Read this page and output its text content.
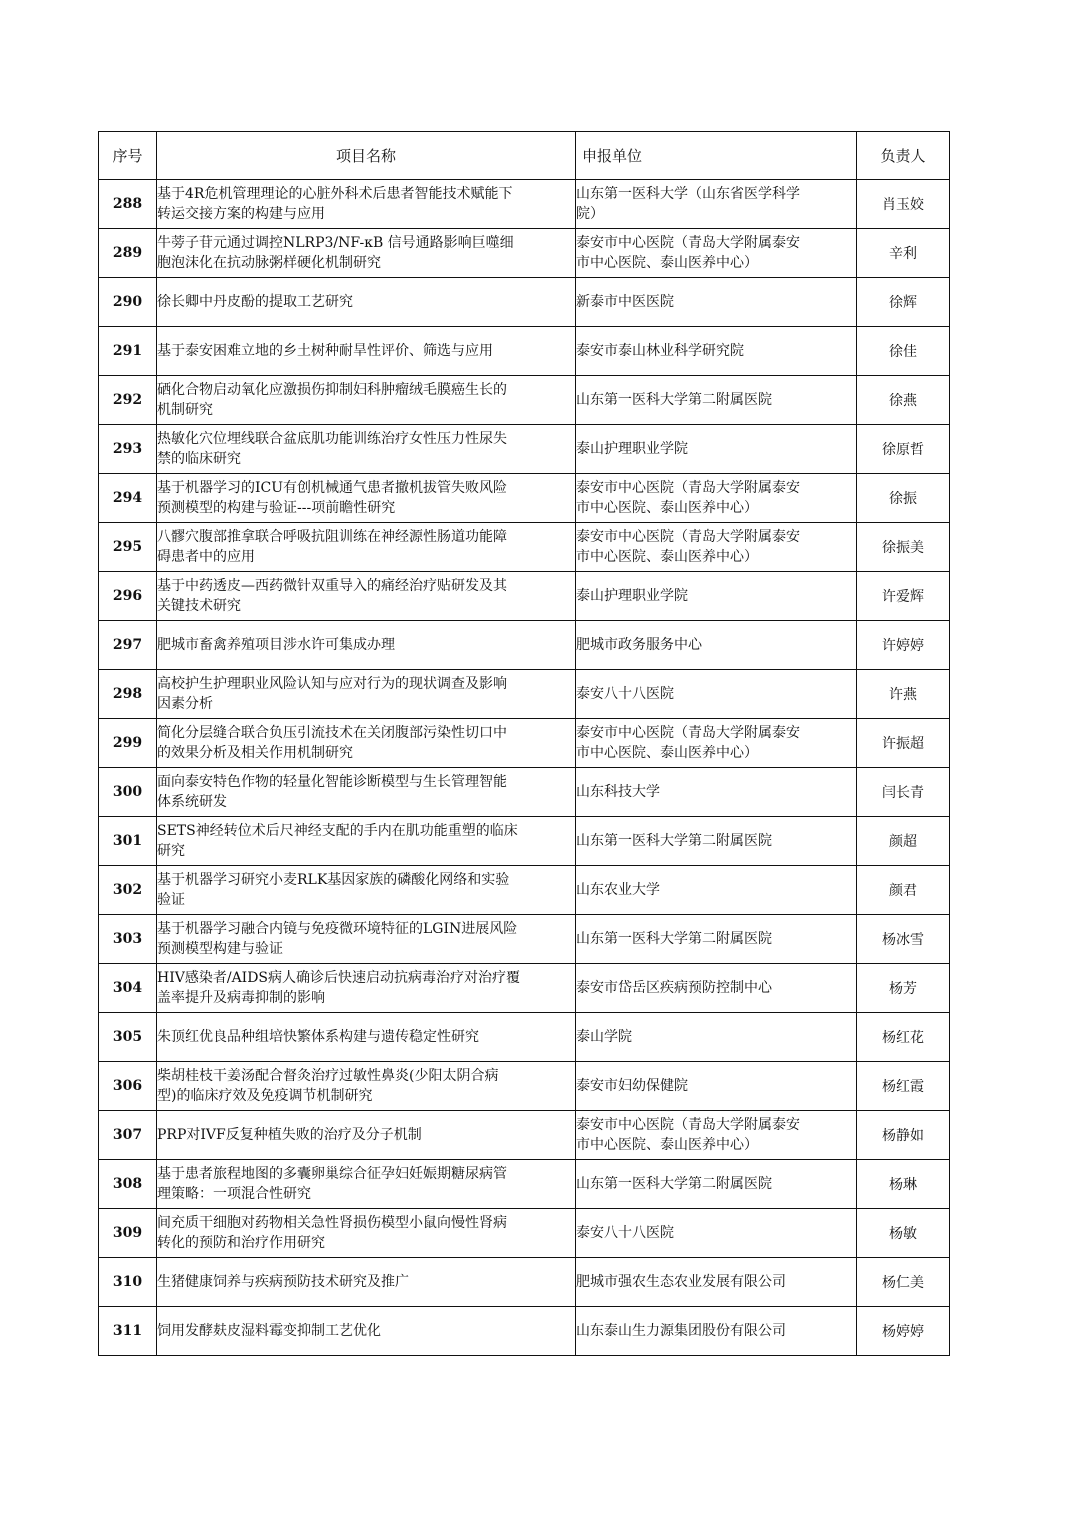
序号	项目名称	申报单位	负责人
288	基于4R危机管理理论的心脏外科术后患者智能技术赋能下
转运交接方案的构建与应用	山东第一医科大学（山东省医学科学
院）	肖玉姣
289	牛蒡子苷元通过调控NLRP3/NF-κB 信号通路影响巨噬细
胞泡沫化在抗动脉粥样硬化机制研究	泰安市中心医院（青岛大学附属泰安
市中心医院、泰山医养中心）	辛利
290	徐长卿中丹皮酚的提取工艺研究	新泰市中医医院	徐辉
291	基于泰安困难立地的乡土树种耐旱性评价、筛选与应用	泰安市泰山林业科学研究院	徐佳
292	硒化合物启动氧化应激损伤抑制妇科肿瘤绒毛膜癌生长的
机制研究	山东第一医科大学第二附属医院	徐燕
293	热敏化穴位埋线联合盆底肌功能训练治疗女性压力性尿失
禁的临床研究	泰山护理职业学院	徐原哲
294	基于机器学习的ICU有创机械通气患者撤机拔管失败风险
预测模型的构建与验证---项前瞻性研究	泰安市中心医院（青岛大学附属泰安
市中心医院、泰山医养中心）	徐振
295	八髎穴腹部推拿联合呼吸抗阻训练在神经源性肠道功能障
碍患者中的应用	泰安市中心医院（青岛大学附属泰安
市中心医院、泰山医养中心）	徐振美
296	基于中药透皮—西药微针双重导入的痛经治疗贴研发及其
关键技术研究	泰山护理职业学院	许爱辉
297	肥城市畜禽养殖项目涉水许可集成办理	肥城市政务服务中心	许婷婷
298	高校护生护理职业风险认知与应对行为的现状调查及影响
因素分析	泰安八十八医院	许燕
299	简化分层缝合联合负压引流技术在关闭腹部污染性切口中
的效果分析及相关作用机制研究	泰安市中心医院（青岛大学附属泰安
市中心医院、泰山医养中心）	许振超
300	面向泰安特色作物的轻量化智能诊断模型与生长管理智能
体系统研发	山东科技大学	闫长青
301	SETS神经转位术后尺神经支配的手内在肌功能重塑的临床
研究	山东第一医科大学第二附属医院	颜超
302	基于机器学习研究小麦RLK基因家族的磷酸化网络和实验
验证	山东农业大学	颜君
303	基于机器学习融合内镜与免疫微环境特征的LGIN进展风险
预测模型构建与验证	山东第一医科大学第二附属医院	杨冰雪
304	HIV感染者/AIDS病人确诊后快速启动抗病毒治疗对治疗覆
盖率提升及病毒抑制的影响	泰安市岱岳区疾病预防控制中心	杨芳
305	朱顶红优良品种组培快繁体系构建与遗传稳定性研究	泰山学院	杨红花
306	柴胡桂枝干姜汤配合督灸治疗过敏性鼻炎(少阳太阴合病
型)的临床疗效及免疫调节机制研究	泰安市妇幼保健院	杨红霞
307	PRP对IVF反复种植失败的治疗及分子机制	泰安市中心医院（青岛大学附属泰安
市中心医院、泰山医养中心）	杨静如
308	基于患者旅程地图的多囊卵巢综合征孕妇妊娠期糖尿病管
理策略：一项混合性研究	山东第一医科大学第二附属医院	杨琳
309	间充质干细胞对药物相关急性肾损伤模型小鼠向慢性肾病
转化的预防和治疗作用研究	泰安八十八医院	杨敏
310	生猪健康饲养与疾病预防技术研究及推广	肥城市强农生态农业发展有限公司	杨仁美
311	饲用发酵麸皮湿料霉变抑制工艺优化	山东泰山生力源集团股份有限公司	杨婷婷
